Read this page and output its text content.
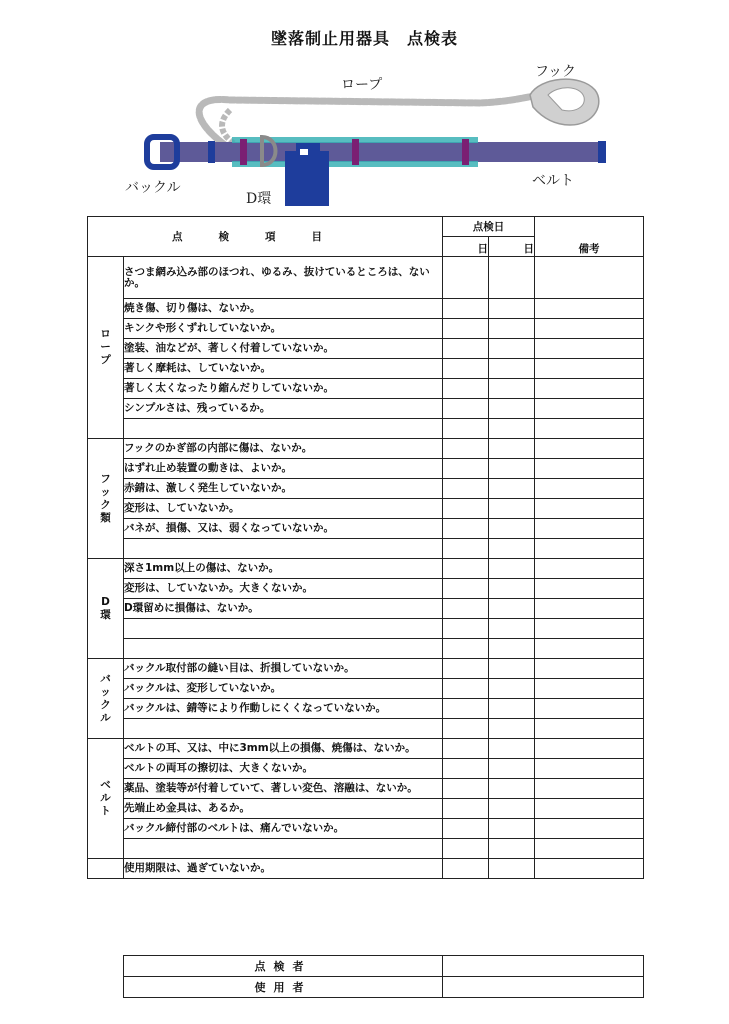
墜落制止用器具　点検表
ロープ
フック
バックル
D環
ベルト
点検項目		点検日		備考
		日	日	
ロープ	さつま網み込み部のほつれ、ゆるみ、抜けているところは、ないか。			
	焼き傷、切り傷は、ないか。			
	キンクや形くずれしていないか。			
	塗装、油などが、著しく付着していないか。			
	著しく摩耗は、していないか。			
	著しく太くなったり縮んだりしていないか。			
	シンプルさは、残っているか。			

フック類	フックのかぎ部の内部に傷は、ないか。			
	はずれ止め装置の動きは、よいか。			
	赤錆は、激しく発生していないか。			
	変形は、していないか。			
	バネが、損傷、又は、弱くなっていないか。			

D環	深さ1mm以上の傷は、ないか。			
	変形は、していないか。大きくないか。			
	D環留めに損傷は、ないか。			

バックル	バックル取付部の縫い目は、折損していないか。			
	バックルは、変形していないか。			
	バックルは、錆等により作動しにくくなっていないか。			

ベルト	ベルトの耳、又は、中に3mm以上の損傷、焼傷は、ないか。			
	ベルトの両耳の擦切は、大きくないか。			
	薬品、塗装等が付着していて、著しい変色、溶融は、ないか。			
	先端止め金具は、あるか。			
	バックル締付部のベルトは、痛んでいないか。			

	使用期限は、過ぎていないか。			
点検者	
使用者	
